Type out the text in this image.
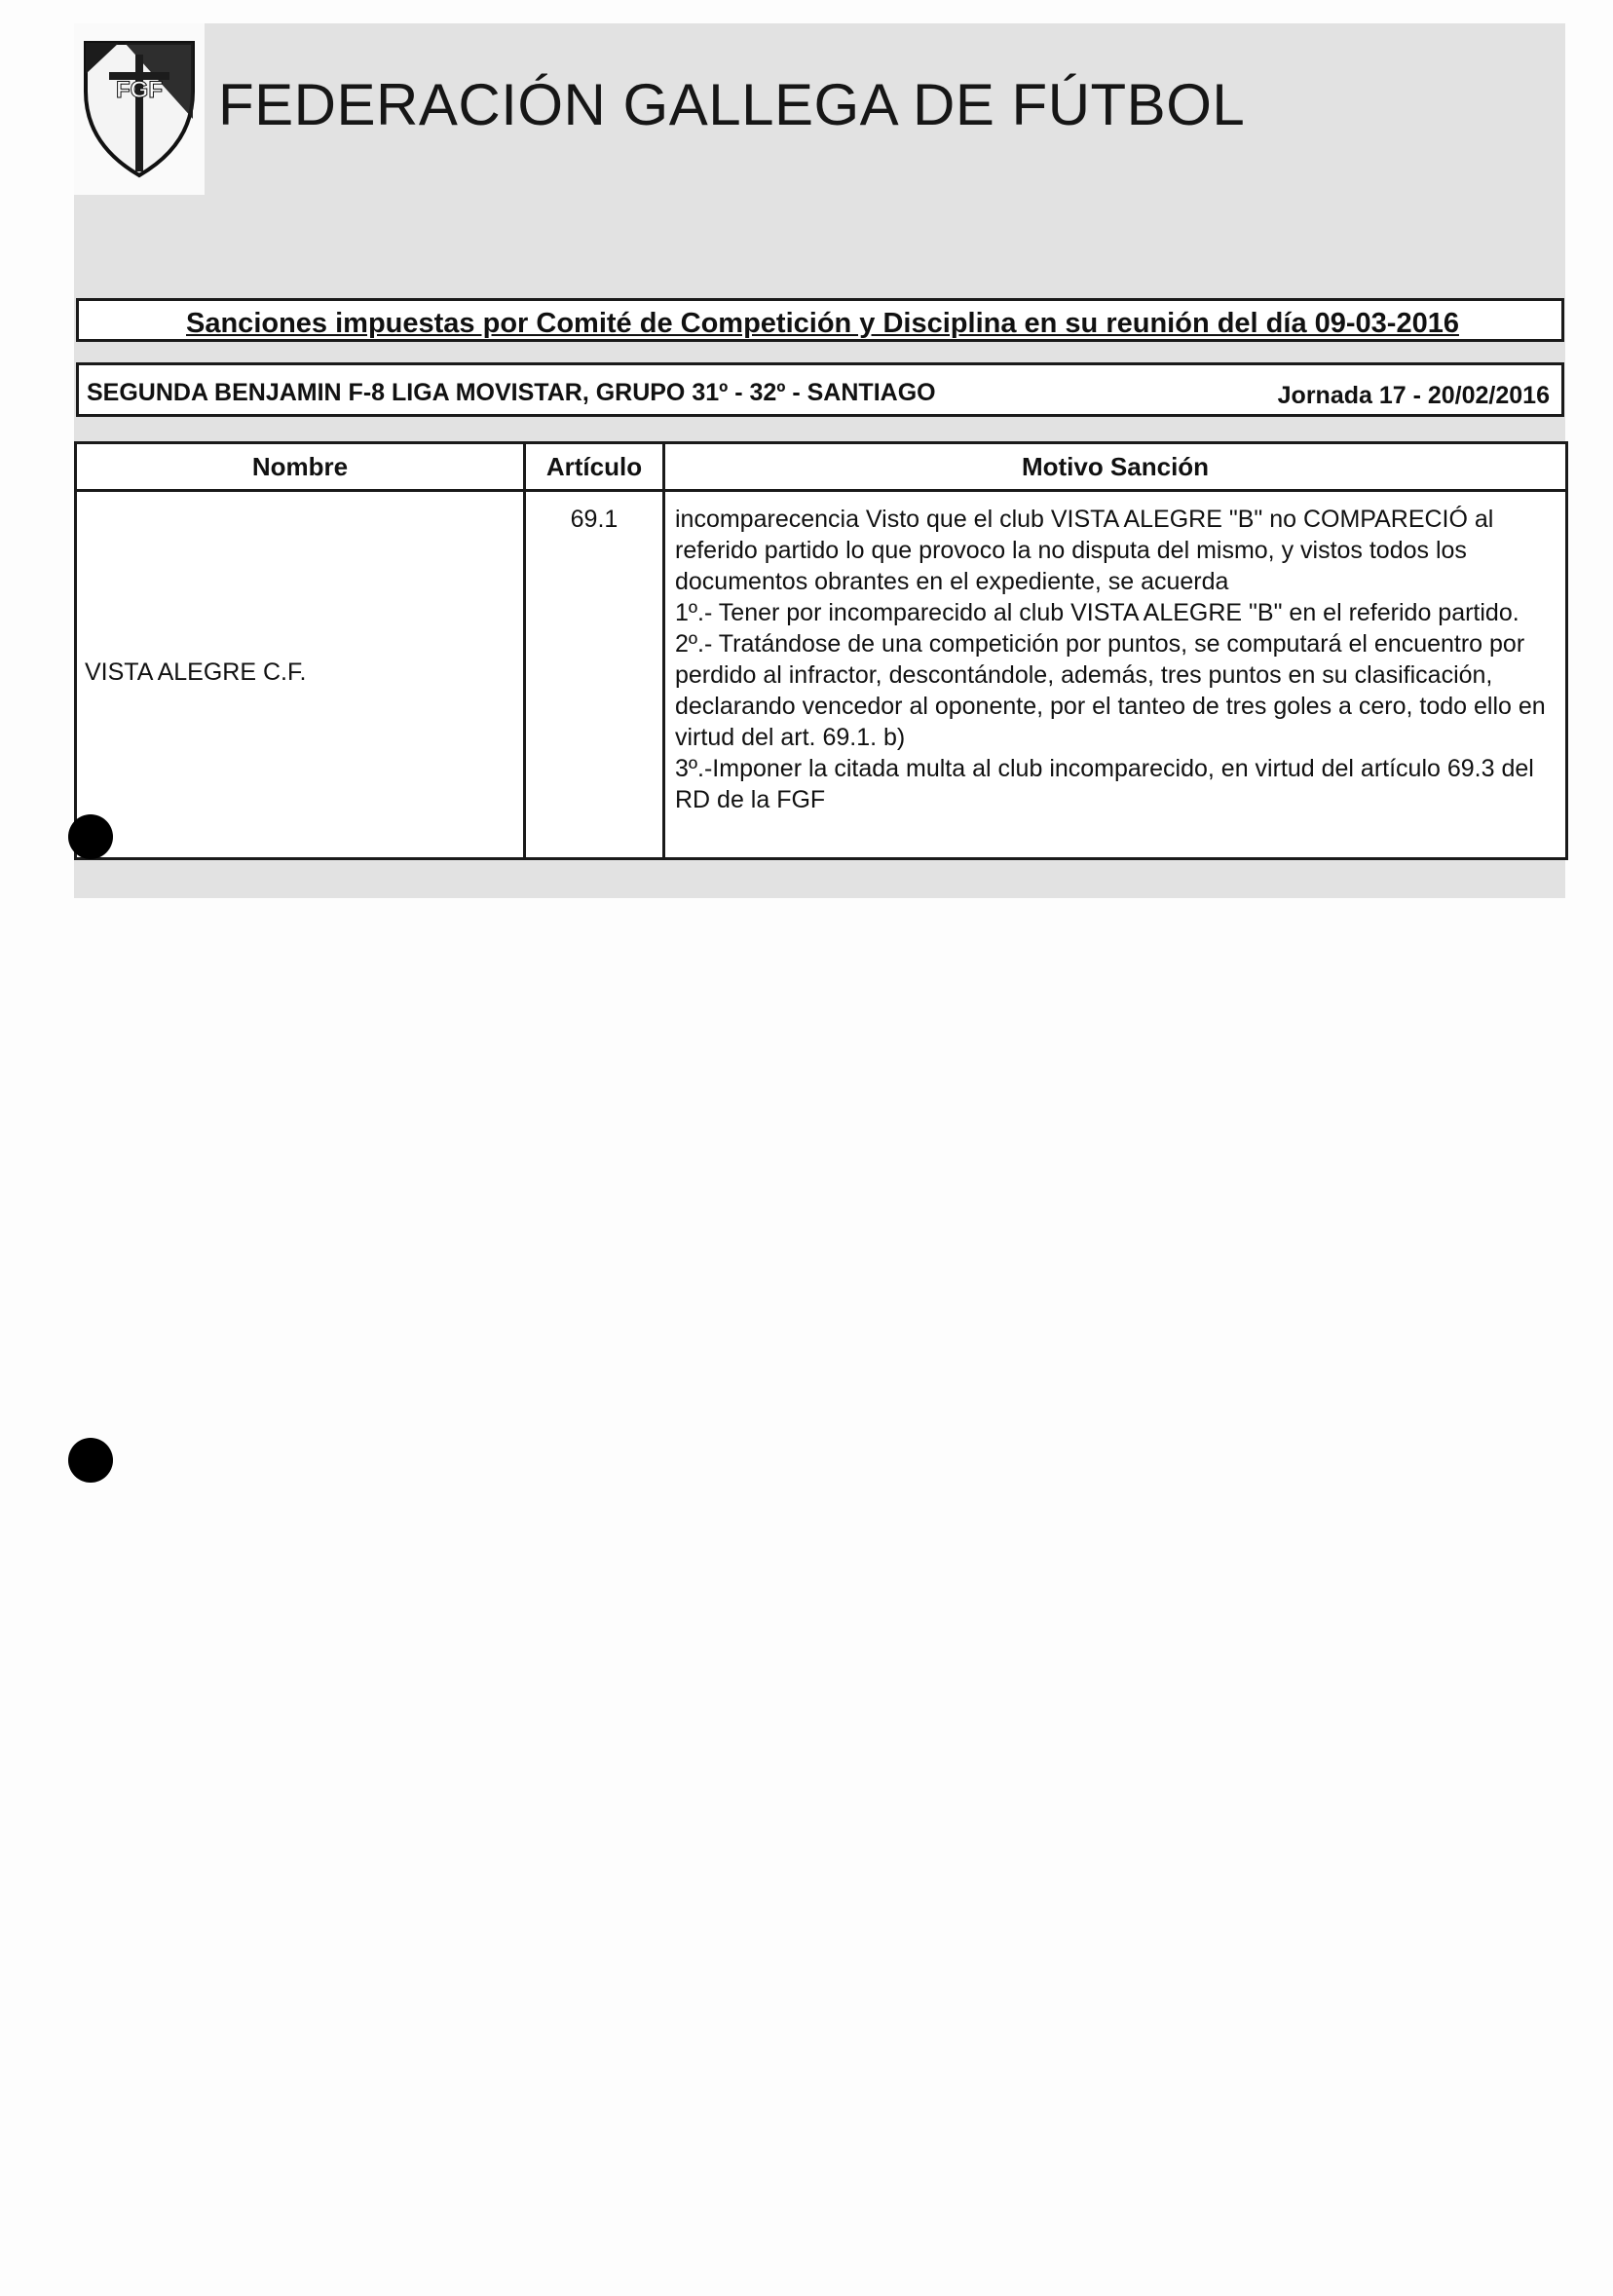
FGF FEDERACIÓN GALLEGA DE FÚTBOL
Sanciones impuestas por Comité de Competición y Disciplina en su reunión del día 09-03-2016
SEGUNDA BENJAMIN F-8 LIGA MOVISTAR, GRUPO 31º - 32º - SANTIAGO	Jornada 17 - 20/02/2016
Nombre	Artículo	Motivo Sanción
VISTA ALEGRE C.F.	69.1	incomparecencia Visto que el club VISTA ALEGRE "B" no COMPARECIÓ al referido partido lo que provoco la no disputa del mismo, y vistos todos los documentos obrantes en el expediente, se acuerda

1º.- Tener por incomparecido al club VISTA ALEGRE "B" en el referido partido.

2º.- Tratándose de una competición por puntos, se computará el encuentro por perdido al infractor, descontándole, además, tres puntos en su clasificación, declarando vencedor al oponente, por el tanteo de tres goles a cero, todo ello en virtud del art. 69.1. b)

3º.-Imponer la citada multa al club incomparecido, en virtud del artículo 69.3 del RD de la FGF
